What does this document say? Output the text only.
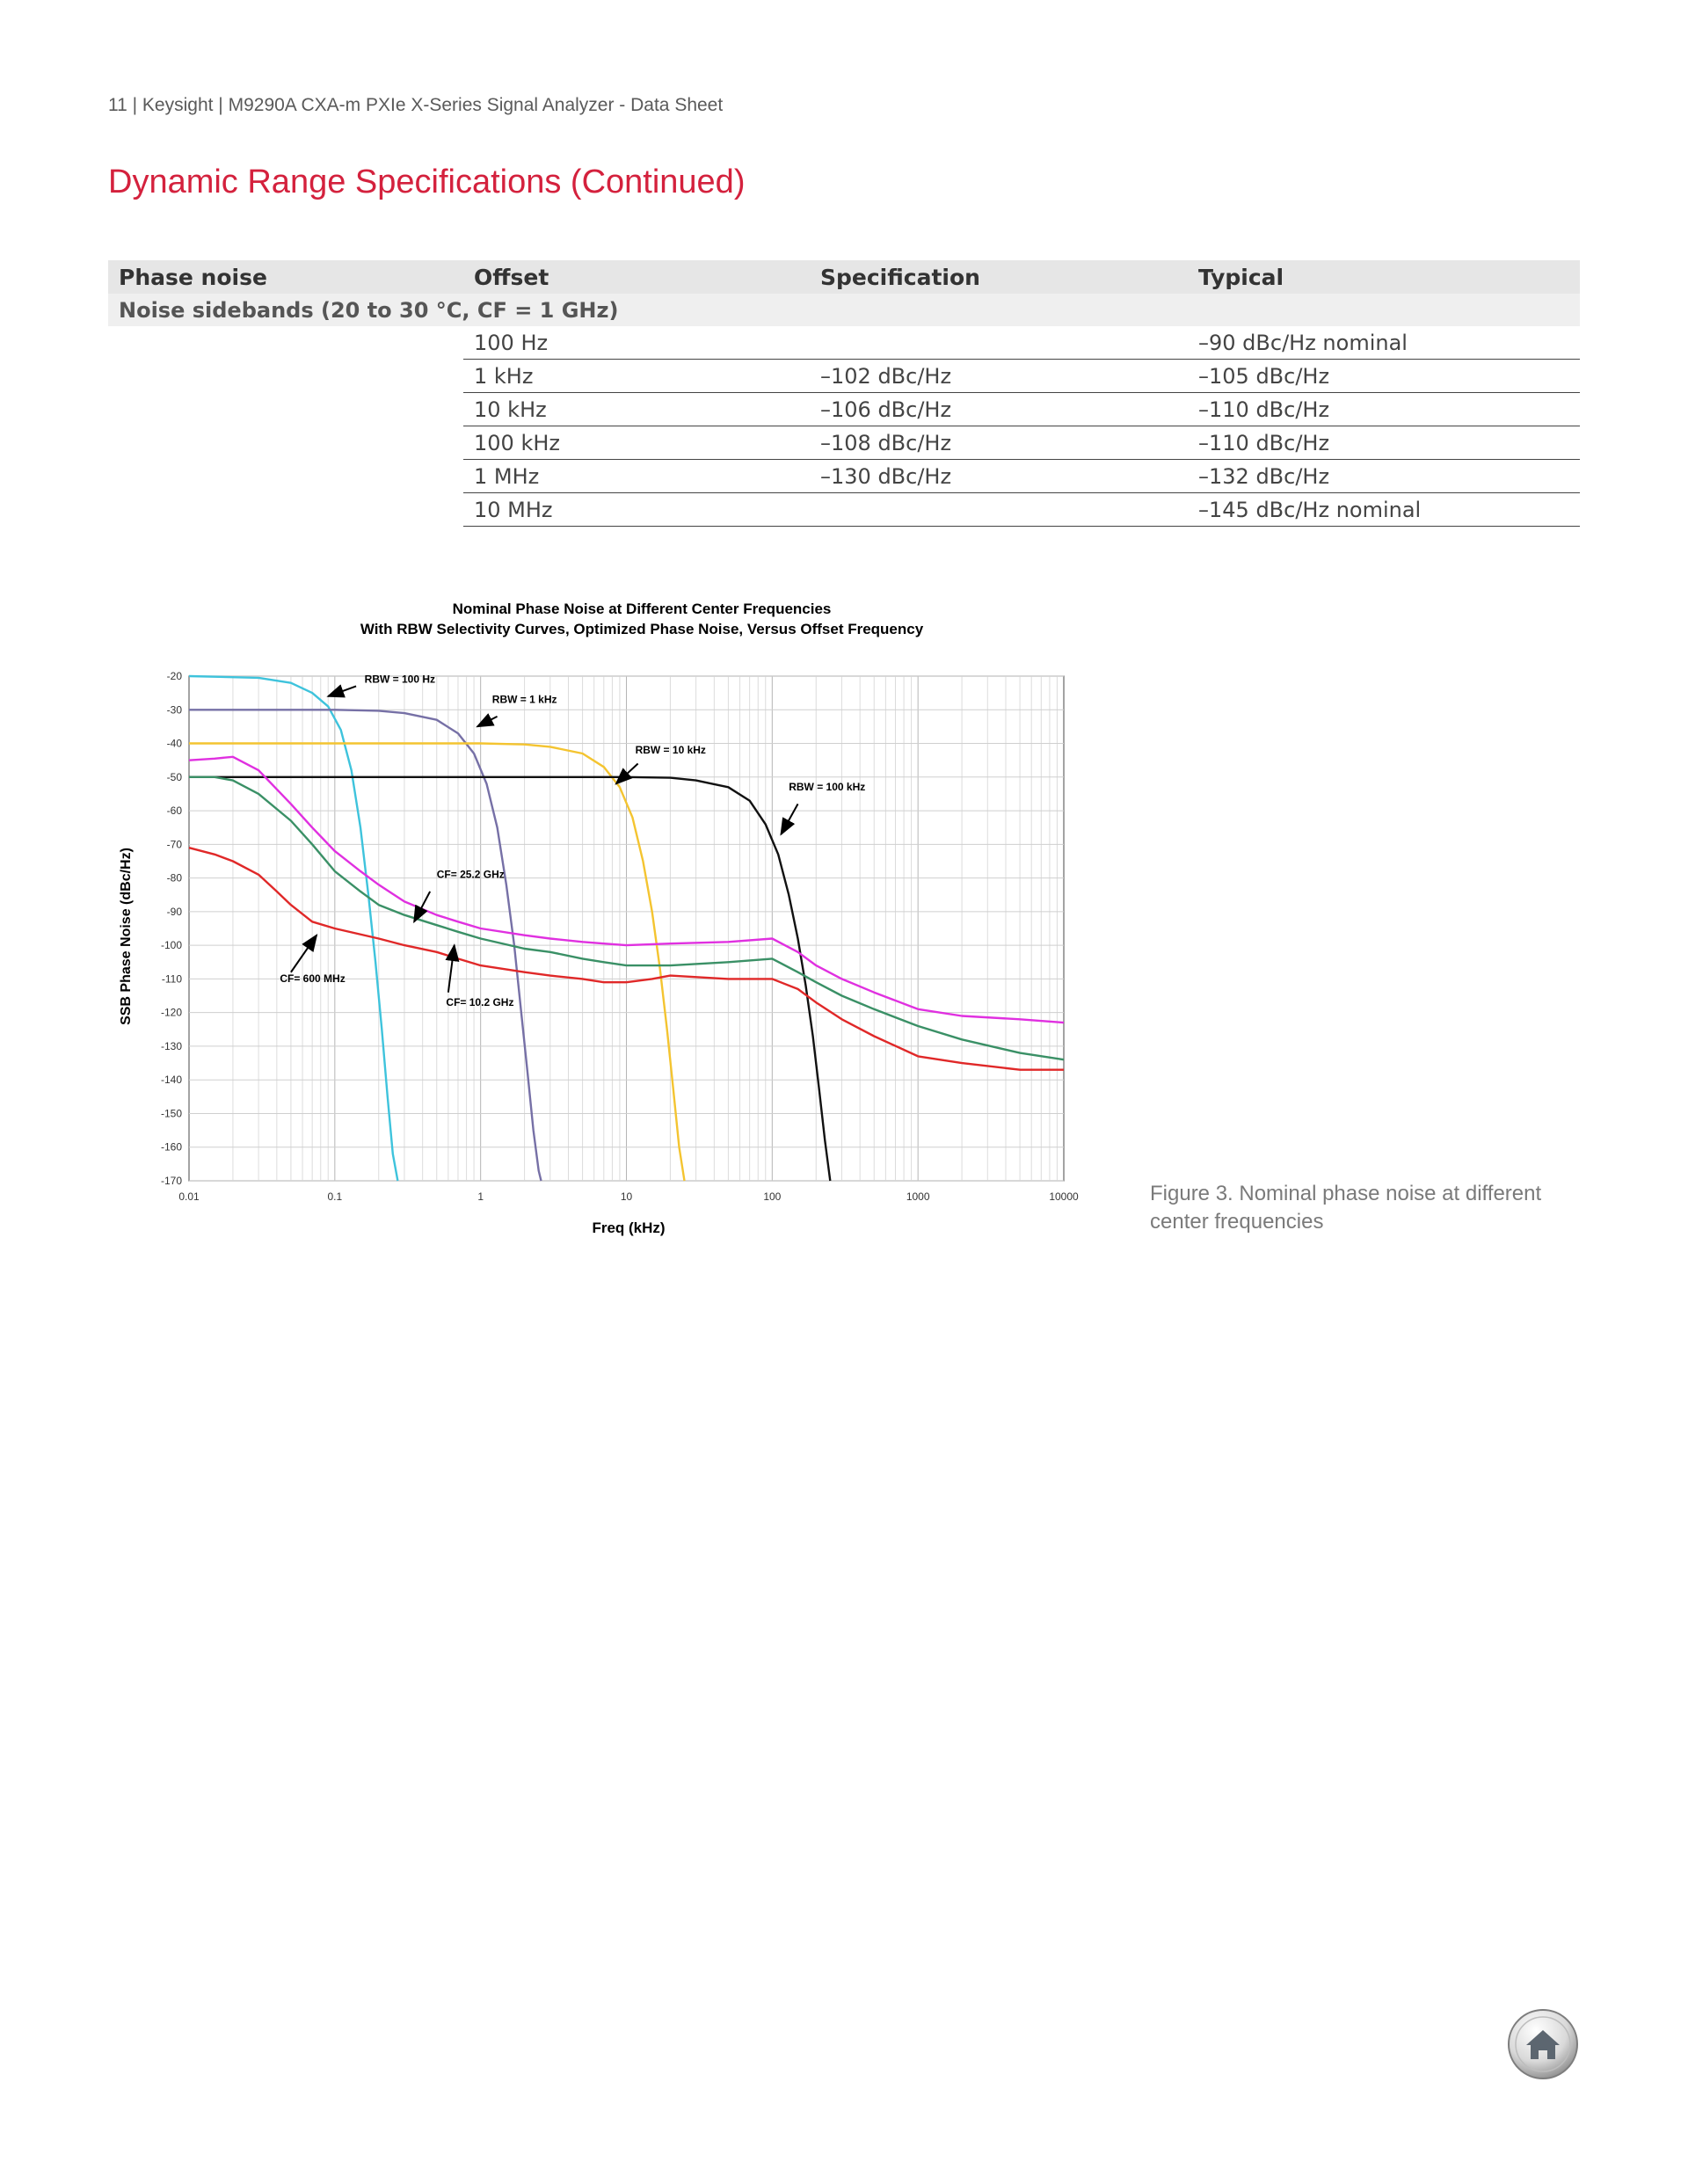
11 | Keysight | M9290A CXA-m PXIe X-Series Signal Analyzer - Data Sheet
Dynamic Range Specifications (Continued)
Phase noise	Offset	Specification	Typical
Noise sidebands (20 to 30 °C, CF = 1 GHz)			
	100 Hz		–90 dBc/Hz nominal
	1 kHz	–102 dBc/Hz	–105 dBc/Hz
	10 kHz	–106 dBc/Hz	–110 dBc/Hz
	100 kHz	–108 dBc/Hz	–110 dBc/Hz
	1 MHz	–130 dBc/Hz	–132 dBc/Hz
	10 MHz		–145 dBc/Hz nominal
Nominal Phase Noise at Different Center Frequencies
With RBW Selectivity Curves, Optimized Phase Noise, Versus Offset Frequency
-20
-30
-40
-50
-60
-70
-80
-90
-100
-110
-120
-130
-140
-150
-160
-170
0.01	0.1	1	10	100	1000	10000
RBW = 100 Hz
RBW = 1 kHz
RBW = 10 kHz
RBW = 100 kHz
CF= 25.2 GHz
CF= 600 MHz
CF= 10.2 GHz
Freq (kHz)
SSB Phase Noise (dBc/Hz)
Figure 3. Nominal phase noise at different center frequencies
